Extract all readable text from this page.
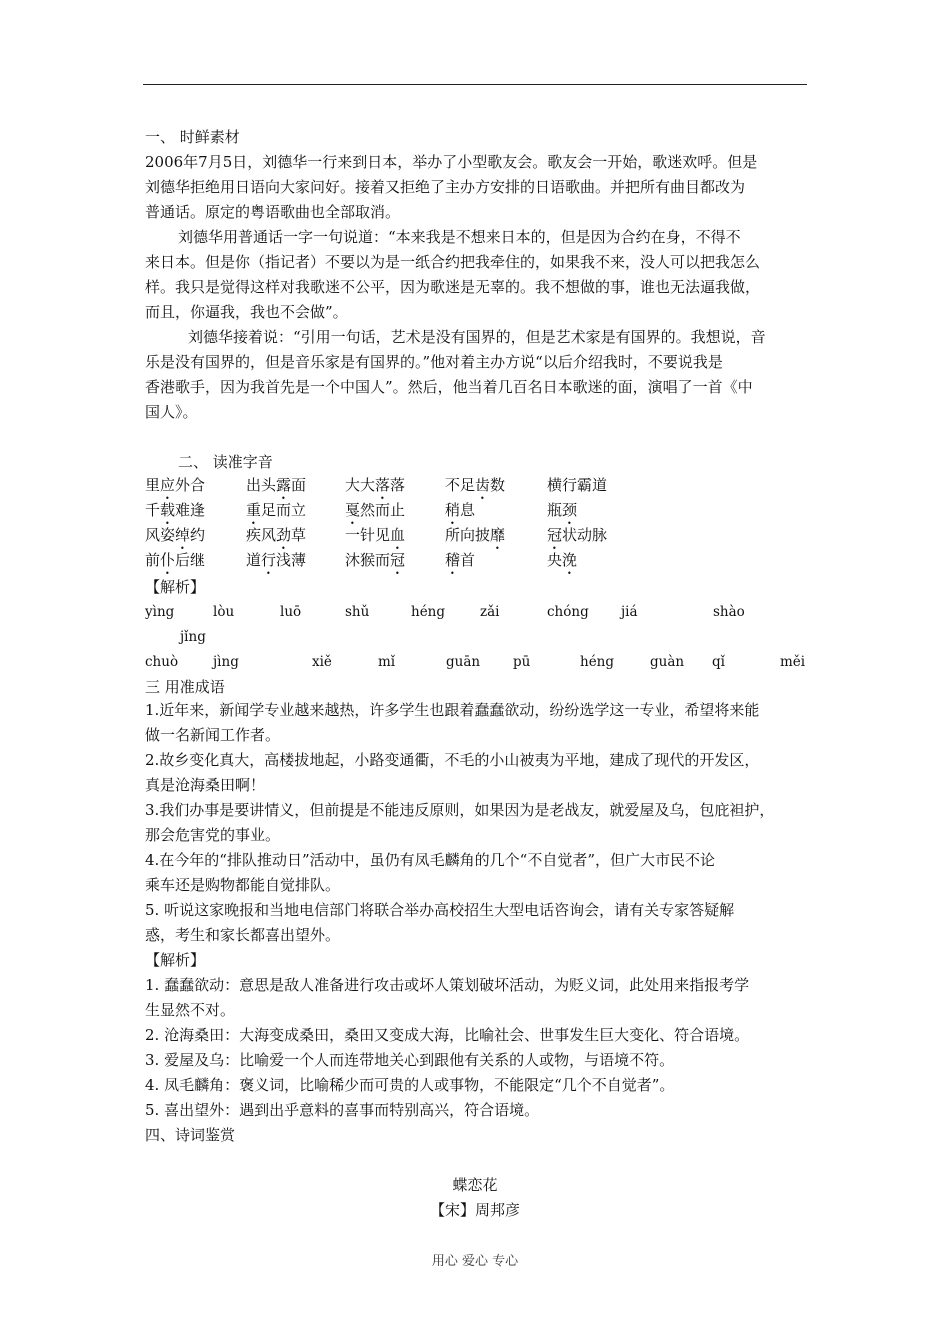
一、 时鲜素材
2006年7月5日，刘德华一行来到日本，举办了小型歌友会。歌友会一开始，歌迷欢呼。但是
刘德华拒绝用日语向大家问好。接着又拒绝了主办方安排的日语歌曲。并把所有曲目都改为
普通话。原定的粤语歌曲也全部取消。
刘德华用普通话一字一句说道：“本来我是不想来日本的，但是因为合约在身，不得不
来日本。但是你（指记者）不要以为是一纸合约把我牵住的，如果我不来，没人可以把我怎么
样。我只是觉得这样对我歌迷不公平，因为歌迷是无辜的。我不想做的事，谁也无法逼我做，
而且，你逼我，我也不会做”。
刘德华接着说：“引用一句话，艺术是没有国界的，但是艺术家是有国界的。我想说，音
乐是没有国界的，但是音乐家是有国界的。”他对着主办方说“以后介绍我时，不要说我是
香港歌手，因为我首先是一个中国人”。然后，他当着几百名日本歌迷的面，演唱了一首《中
国人》。
二、 读准字音
里应外合	出头露面	大大落落	不足齿数	横行霸道
千载难逢	重足而立	戛然而止	稍息	瓶颈
风姿绰约	疾风劲草	一针见血	所向披靡	冠状动脉
前仆后继	道行浅薄	沐猴而冠	稽首	央浼
【解析】
yìng	lòu	luō	shǔ	héng	zǎi	chóng jiá	shào
jǐng
chuò	jìng	xiě	mǐ	guān pū	héng	guàn qǐ	měi
三 用准成语
1.近年来，新闻学专业越来越热，许多学生也跟着蠢蠢欲动，纷纷选学这一专业，希望将来能
做一名新闻工作者。
2.故乡变化真大，高楼拔地起，小路变通衢，不毛的小山被夷为平地，建成了现代的开发区，
真是沧海桑田啊！
3.我们办事是要讲情义，但前提是不能违反原则，如果因为是老战友，就爱屋及乌，包庇袒护，
那会危害党的事业。
4.在今年的“排队推动日”活动中，虽仍有凤毛麟角的几个“不自觉者”，但广大市民不论
乘车还是购物都能自觉排队。
5. 听说这家晚报和当地电信部门将联合举办高校招生大型电话咨询会，请有关专家答疑解
惑，考生和家长都喜出望外。
【解析】
1. 蠢蠢欲动：意思是敌人准备进行攻击或坏人策划破坏活动，为贬义词，此处用来指报考学
生显然不对。
2. 沧海桑田：大海变成桑田，桑田又变成大海，比喻社会、世事发生巨大变化、符合语境。
3. 爱屋及乌：比喻爱一个人而连带地关心到跟他有关系的人或物，与语境不符。
4. 凤毛麟角：褒义词，比喻稀少而可贵的人或事物，不能限定“几个不自觉者”。
5. 喜出望外：遇到出乎意料的喜事而特别高兴，符合语境。
四、诗词鉴赏
蝶恋花
【宋】周邦彦
用心 爱心 专心
